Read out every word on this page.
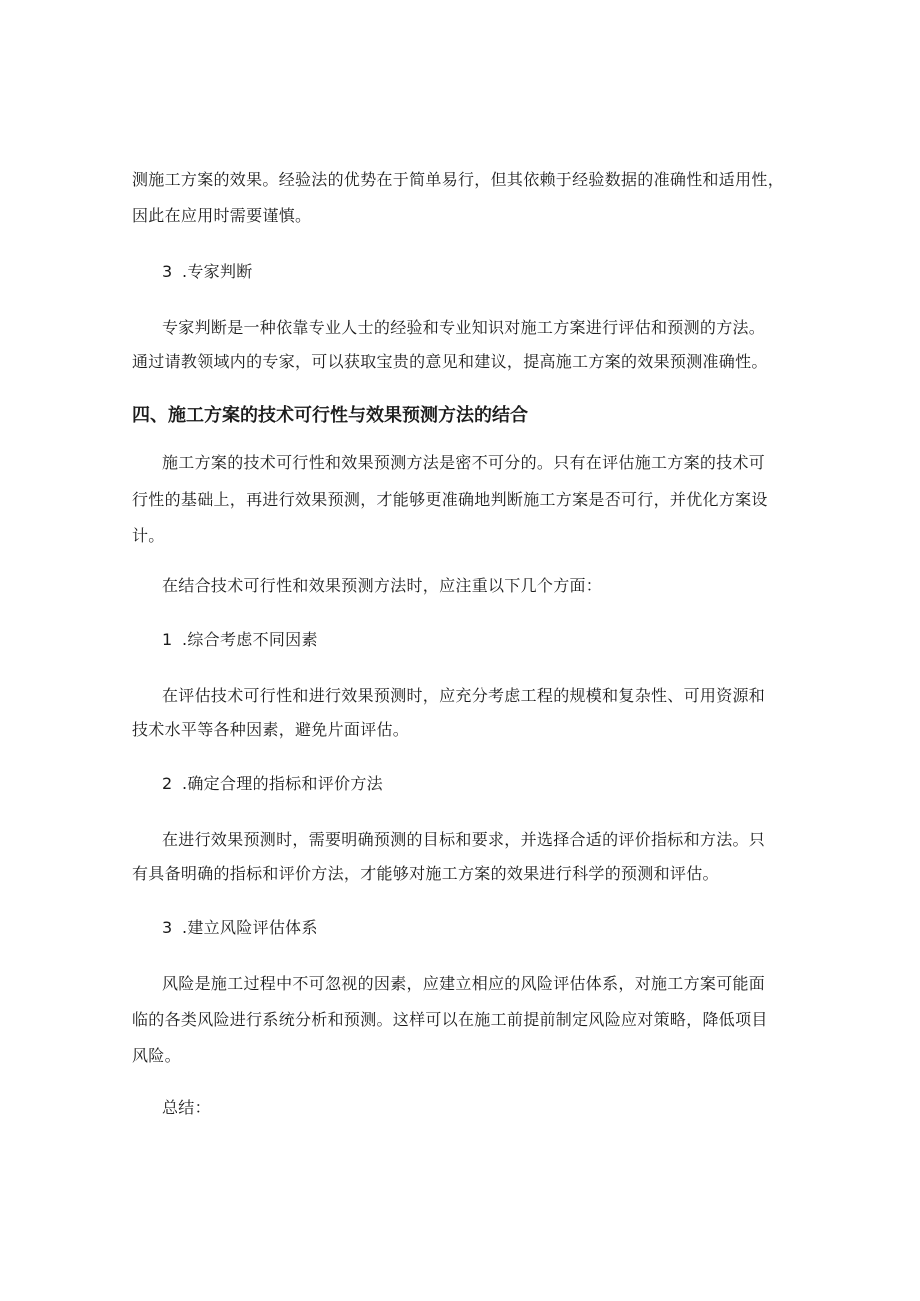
测施工方案的效果。经验法的优势在于简单易行，但其依赖于经验数据的准确性和适用性，
因此在应用时需要谨慎。
3 .专家判断
专家判断是一种依靠专业人士的经验和专业知识对施工方案进行评估和预测的方法。
通过请教领域内的专家，可以获取宝贵的意见和建议，提高施工方案的效果预测准确性。
四、施工方案的技术可行性与效果预测方法的结合
施工方案的技术可行性和效果预测方法是密不可分的。只有在评估施工方案的技术可
行性的基础上，再进行效果预测，才能够更准确地判断施工方案是否可行，并优化方案设
计。
在结合技术可行性和效果预测方法时，应注重以下几个方面：
1 .综合考虑不同因素
在评估技术可行性和进行效果预测时，应充分考虑工程的规模和复杂性、可用资源和
技术水平等各种因素，避免片面评估。
2 .确定合理的指标和评价方法
在进行效果预测时，需要明确预测的目标和要求，并选择合适的评价指标和方法。只
有具备明确的指标和评价方法，才能够对施工方案的效果进行科学的预测和评估。
3 .建立风险评估体系
风险是施工过程中不可忽视的因素，应建立相应的风险评估体系，对施工方案可能面
临的各类风险进行系统分析和预测。这样可以在施工前提前制定风险应对策略，降低项目
风险。
总结：
